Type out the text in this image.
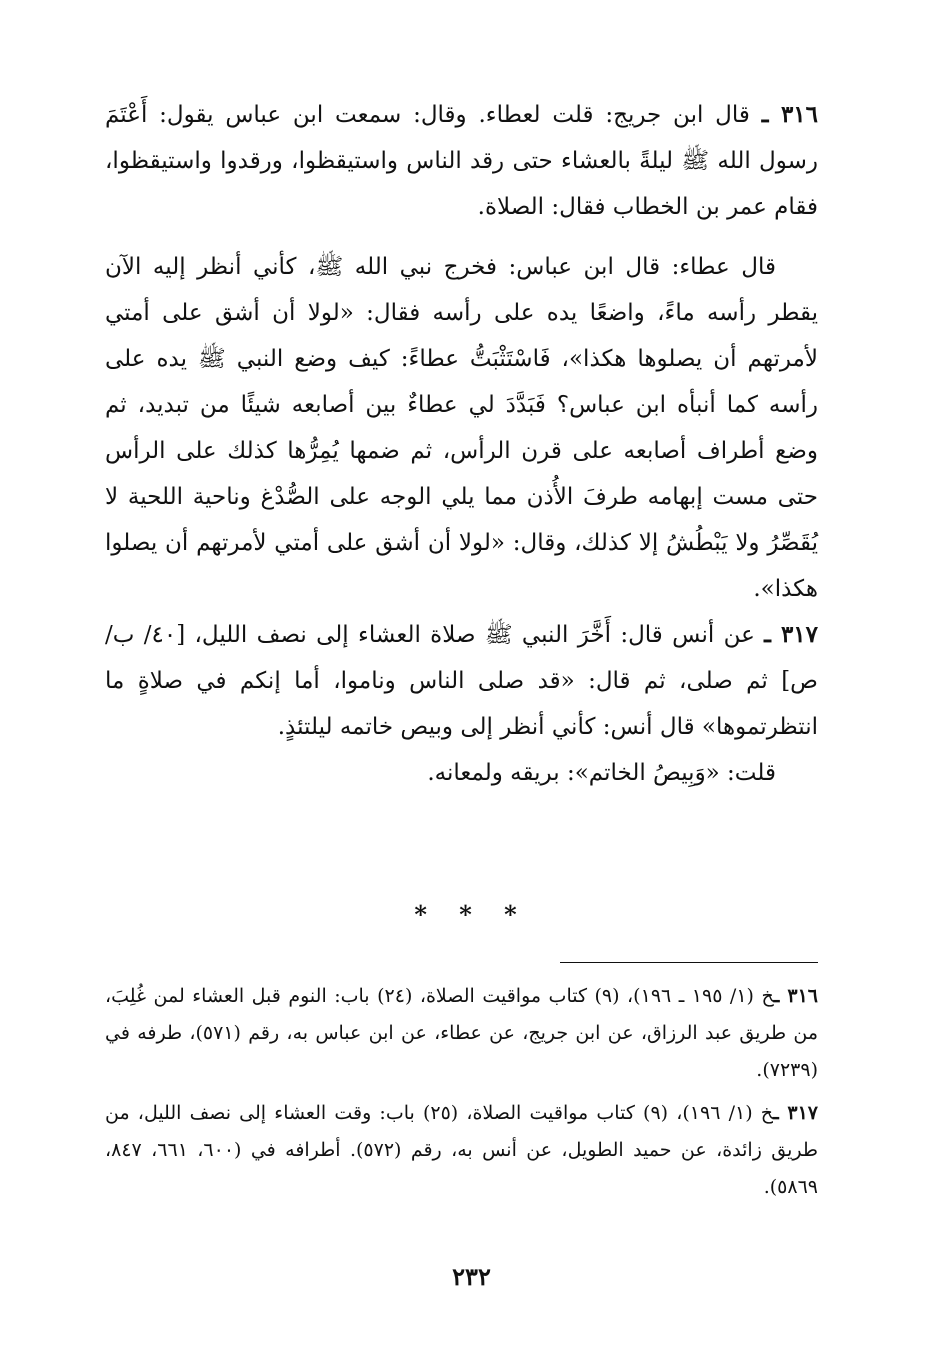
٣١٦ ـ قال ابن جريج: قلت لعطاء. وقال: سمعت ابن عباس يقول: أَعْتَمَ رسول الله ﷺ ليلةً بالعشاء حتى رقد الناس واستيقظوا، ورقدوا واستيقظوا، فقام عمر بن الخطاب فقال: الصلاة.

قال عطاء: قال ابن عباس: فخرج نبي الله ﷺ، كأني أنظر إليه الآن يقطر رأسه ماءً، واضعًا يده على رأسه فقال: «لولا أن أشق على أمتي لأمرتهم أن يصلوها هكذا»، فَاسْتَثْبَتُّ عطاءً: كيف وضع النبي ﷺ يده على رأسه كما أنبأه ابن عباس؟ فَبَدَّدَ لي عطاءٌ بين أصابعه شيئًا من تبديد، ثم وضع أطراف أصابعه على قرن الرأس، ثم ضمها يُمِرُّها كذلك على الرأس حتى مست إبهامه طرفَ الأُذن مما يلي الوجه على الصُّدْغ وناحية اللحية لا يُقَصِّرُ ولا يَبْطُشُ إلا كذلك، وقال: «لولا أن أشق على أمتي لأمرتهم أن يصلوا هكذا».

٣١٧ ـ عن أنس قال: أَخَّرَ النبي ﷺ صلاة العشاء إلى نصف الليل، [٤٠/ ب/ ص] ثم صلى، ثم قال: «قد صلى الناس وناموا، أما إنكم في صلاةٍ ما انتظرتموها» قال أنس: كأني أنظر إلى وبيص خاتمه ليلتئذٍ.

قلت: «وَبِيصُ الخاتم»: بريقه ولمعانه.

* * *

٣١٦ ـخ (١/ ١٩٥ ـ ١٩٦)، (٩) كتاب مواقيت الصلاة، (٢٤) باب: النوم قبل العشاء لمن غُلِبَ، من طريق عبد الرزاق، عن ابن جريج، عن عطاء، عن ابن عباس به، رقم (٥٧١)، طرفه في (٧٢٣٩).

٣١٧ ـخ (١/ ١٩٦)، (٩) كتاب مواقيت الصلاة، (٢٥) باب: وقت العشاء إلى نصف الليل، من طريق زائدة، عن حميد الطويل، عن أنس به، رقم (٥٧٢). أطرافه في (٦٠٠، ٦٦١، ٨٤٧، ٥٨٦٩).

٢٣٢
